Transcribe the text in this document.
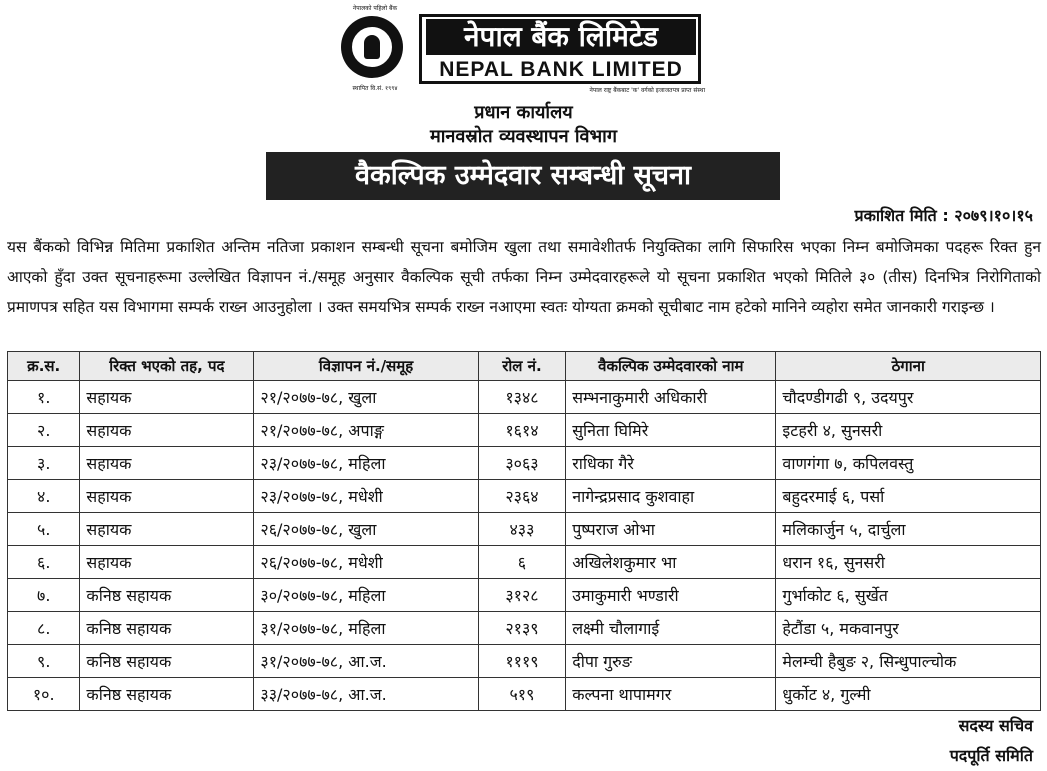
नेपालको पहिलो बैंक
स्थापित वि.सं. १९९४
नेपाल बैंक लिमिटेड
NEPAL BANK LIMITED
नेपाल राष्ट्र बैंकबाट 'क' वर्गको इजाजतपत्र प्राप्त संस्था
प्रधान कार्यालय
मानवस्रोत व्यवस्थापन विभाग
वैकल्पिक उम्मेदवार सम्बन्धी सूचना
प्रकाशित मिति : २०७९।१०।१५
यस बैंकको विभिन्न मितिमा प्रकाशित अन्तिम नतिजा प्रकाशन सम्बन्धी सूचना बमोजिम खुला तथा समावेशीतर्फ नियुक्तिका लागि सिफारिस भएका निम्न बमोजिमका पदहरू रिक्त हुन आएको हुँदा उक्त सूचनाहरूमा उल्लेखित विज्ञापन नं./समूह अनुसार वैकल्पिक सूची तर्फका निम्न उम्मेदवारहरूले यो सूचना प्रकाशित भएको मितिले ३० (तीस) दिनभित्र निरोगिताको प्रमाणपत्र सहित यस विभागमा सम्पर्क राख्न आउनुहोला । उक्त समयभित्र सम्पर्क राख्न नआएमा स्वतः योग्यता क्रमको सूचीबाट नाम हटेको मानिने व्यहोरा समेत जानकारी गराइन्छ ।
क्र.स.	रिक्त भएको तह, पद	विज्ञापन नं./समूह	रोल नं.	वैकल्पिक उम्मेदवारको नाम	ठेगाना
१.	सहायक	२१/२०७७-७८, खुला	१३४८	सम्भनाकुमारी अधिकारी	चौदण्डीगढी ९, उदयपुर
२.	सहायक	२१/२०७७-७८, अपाङ्ग	१६१४	सुनिता घिमिरे	इटहरी ४, सुनसरी
३.	सहायक	२३/२०७७-७८, महिला	३०६३	राधिका गैरे	वाणगंगा ७, कपिलवस्तु
४.	सहायक	२३/२०७७-७८, मधेशी	२३६४	नागेन्द्रप्रसाद कुशवाहा	बहुदरमाई ६, पर्सा
५.	सहायक	२६/२०७७-७८, खुला	४३३	पुष्पराज ओभा	मलिकार्जुन ५, दार्चुला
६.	सहायक	२६/२०७७-७८, मधेशी	६	अखिलेशकुमार भा	धरान १६, सुनसरी
७.	कनिष्ठ सहायक	३०/२०७७-७८, महिला	३१२८	उमाकुमारी भण्डारी	गुर्भाकोट ६, सुर्खेत
८.	कनिष्ठ सहायक	३१/२०७७-७८, महिला	२१३९	लक्ष्मी चौलागाई	हेटौंडा ५, मकवानपुर
९.	कनिष्ठ सहायक	३१/२०७७-७८, आ.ज.	१११९	दीपा गुरुङ	मेलम्ची हैबुङ २, सिन्धुपाल्चोक
१०.	कनिष्ठ सहायक	३३/२०७७-७८, आ.ज.	५१९	कल्पना थापामगर	धुर्कोट ४, गुल्मी
सदस्य सचिव
पदपूर्ति समिति
